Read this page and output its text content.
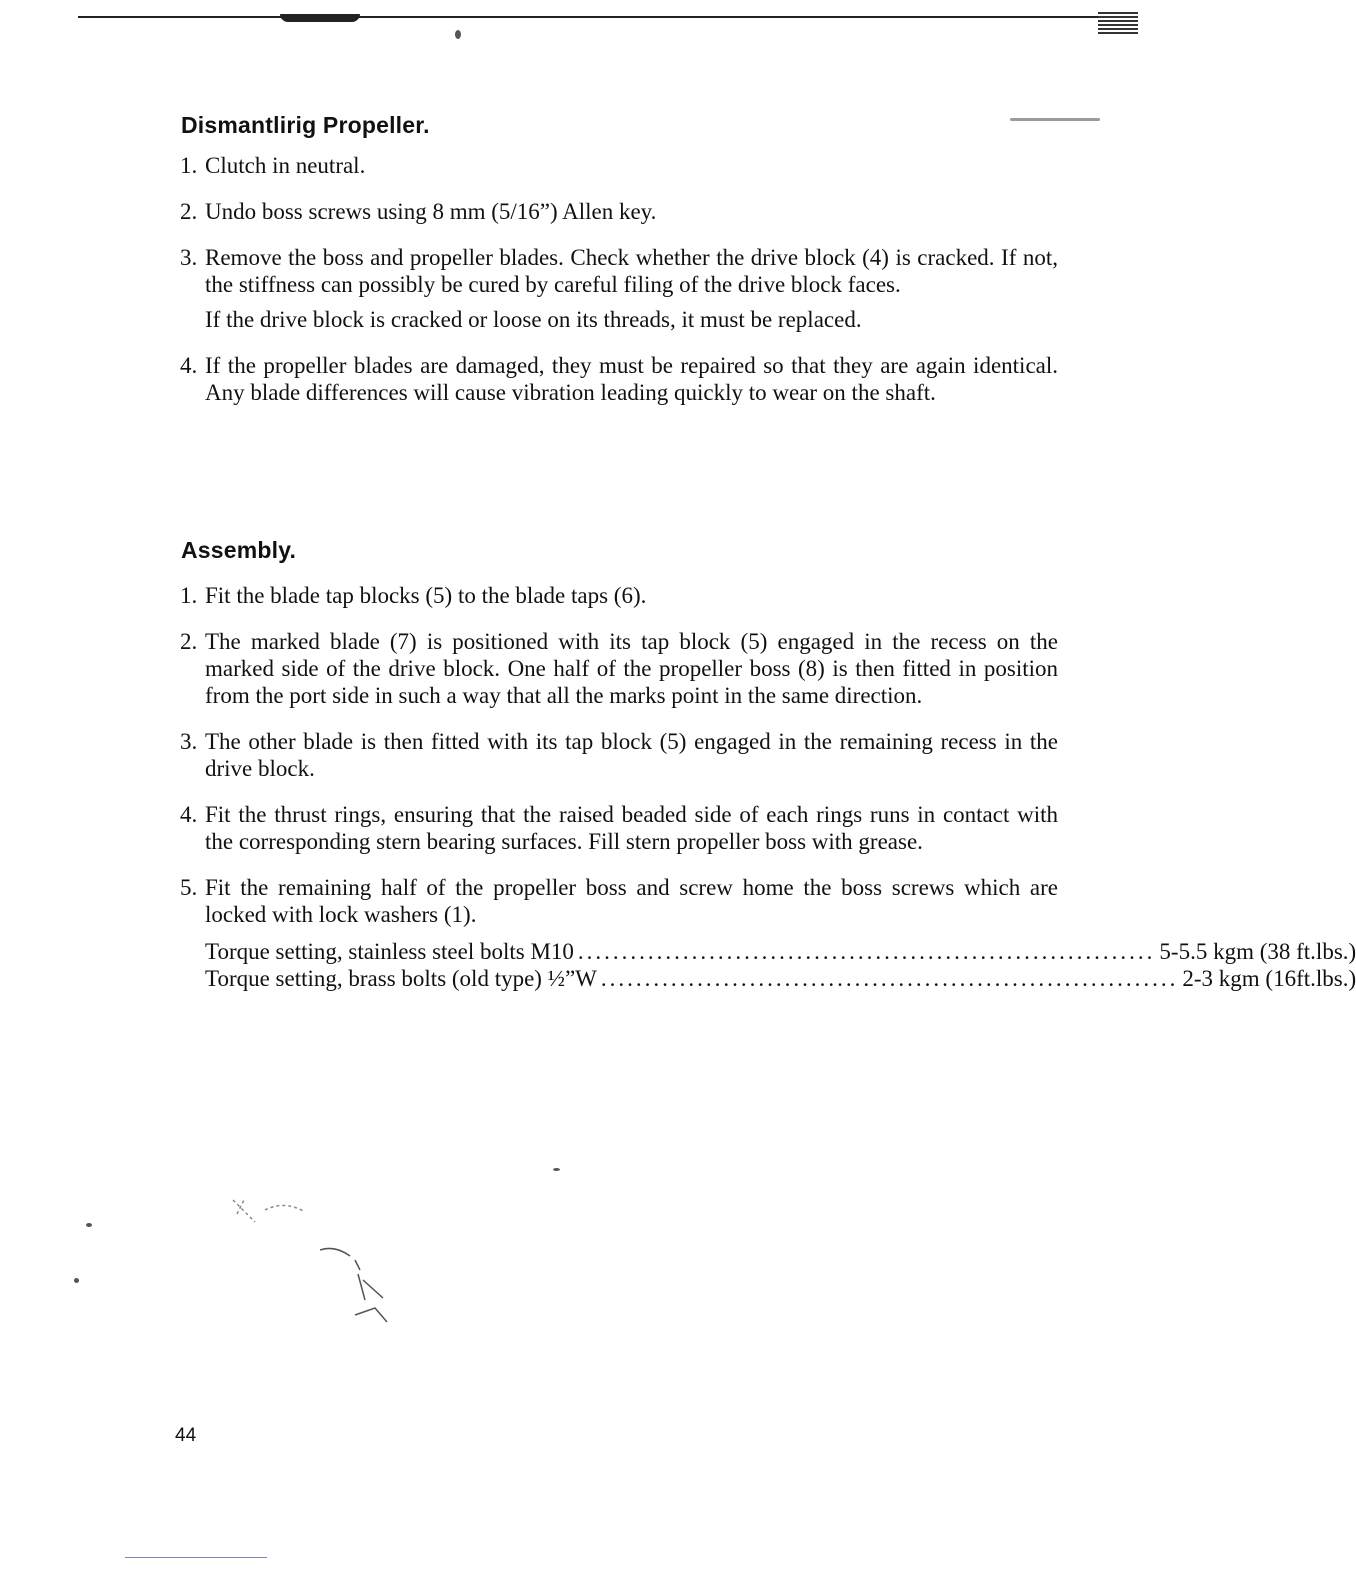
Dismantlirig Propeller.
1. Clutch in neutral.
2. Undo boss screws using 8 mm (5/16”) Allen key.
3. Remove the boss and propeller blades. Check whether the drive block (4) is cracked. If not, the stiffness can possibly be cured by careful filing of the drive block faces.
If the drive block is cracked or loose on its threads, it must be replaced.
4. If the propeller blades are damaged, they must be repaired so that they are again identical. Any blade differences will cause vibration leading quickly to wear on the shaft.
Assembly.
1. Fit the blade tap blocks (5) to the blade taps (6).
2. The marked blade (7) is positioned with its tap block (5) engaged in the recess on the marked side of the drive block. One half of the propeller boss (8) is then fitted in position from the port side in such a way that all the marks point in the same direction.
3. The other blade is then fitted with its tap block (5) engaged in the remaining recess in the drive block.
4. Fit the thrust rings, ensuring that the raised beaded side of each rings runs in contact with the corresponding stern bearing surfaces. Fill stern propeller boss with grease.
5. Fit the remaining half of the propeller boss and screw home the boss screws which are locked with lock washers (1).
Torque setting, stainless steel bolts M10 .................................................................. 5-5.5 kgm (38 ft.lbs.)
Torque setting, brass bolts (old type) ½”W .................................................................. 2-3 kgm (16ft.lbs.)
44
